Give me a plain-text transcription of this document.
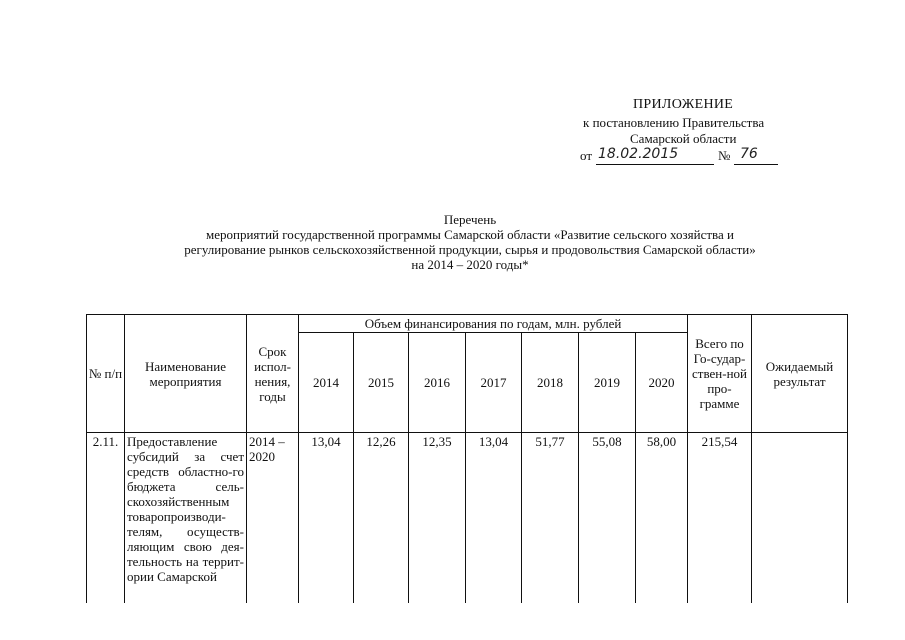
ПРИЛОЖЕНИЕ
к постановлению Правительства
Самарской области
от 18.02.2015	№ 76
Перечень
мероприятий государственной программы Самарской области «Развитие сельского хозяйства и
регулирование рынков сельскохозяйственной продукции, сырья и продовольствия Самарской области»
на 2014 – 2020 годы*
№ п/п	Наименование мероприятия	Срок испол-нения, годы	Объем финансирования по годам, млн. рублей							Всего по Го-судар-ствен-ной про-грамме	Ожидаемый результат
			2014	2015	2016	2017	2018	2019	2020		
2.11.	Предоставление субсидий за счет средств областно-го бюджета сель-скохозяйственным товаропроизводи-телям, осуществ-ляющим свою дея-тельность на террит-ории Самарской	2014 – 2020	13,04	12,26	12,35	13,04	51,77	55,08	58,00	215,54	
